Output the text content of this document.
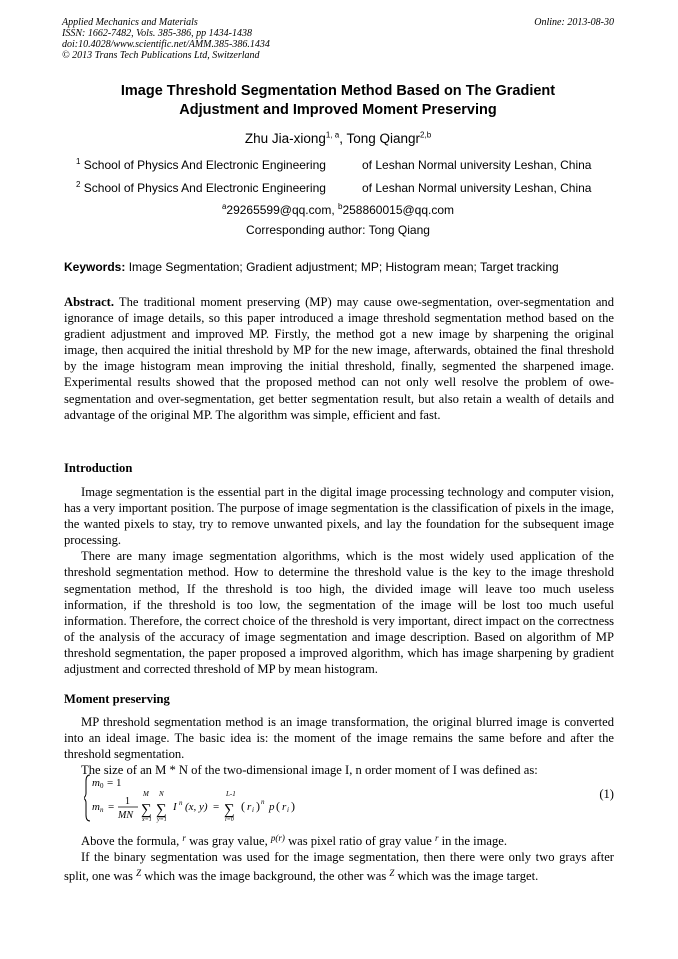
Applied Mechanics and Materials
ISSN: 1662-7482, Vols. 385-386, pp 1434-1438
doi:10.4028/www.scientific.net/AMM.385-386.1434
© 2013 Trans Tech Publications Ltd, Switzerland
Online: 2013-08-30
Image Threshold Segmentation Method Based on The Gradient
Adjustment and Improved Moment Preserving
Zhu Jia-xiong$^{1, a}$, Tong Qiangr$^{2,b}$
$^1$ School of Physics And Electronic Engineering	of Leshan Normal university Leshan, China
$^2$ School of Physics And Electronic Engineering	of Leshan Normal university Leshan, China
$^a$29265599@qq.com, $^b$258860015@qq.com
Corresponding author: Tong Qiang
Keywords: Image Segmentation; Gradient adjustment; MP; Histogram mean; Target tracking

Abstract. The traditional moment preserving (MP) may cause owe-segmentation, over-segmentation and ignorance of image details, so this paper introduced a image threshold segmentation method based on the gradient adjustment and improved MP. Firstly, the method got a new image by sharpening the original image, then acquired the initial threshold by MP for the new image, afterwards, obtained the final threshold by the image histogram mean improving the initial threshold, finally, segmented the sharpened image. Experimental results showed that the proposed method can not only well resolve the problem of owe-segmentation and over-segmentation, get better segmentation result, but also retain a wealth of details and advantage of the original MP. The algorithm was simple, efficient and fast.

Introduction

Image segmentation is the essential part in the digital image processing technology and computer vision, has a very important position. The purpose of image segmentation is the classification of pixels in the image, the wanted pixels to stay, try to remove unwanted pixels, and lay the foundation for the subsequent image processing.

There are many image segmentation algorithms, which is the most widely used application of the threshold segmentation method. How to determine the threshold value is the key to the image threshold segmentation method, If the threshold is too high, the divided image will leave too much useless information, if the threshold is too low, the segmentation of the image will be lost too much useful information. Therefore, the correct choice of the threshold is very important, direct impact on the correctness of the analysis of the accuracy of image segmentation and image description. Based on algorithm of MP threshold segmentation, the paper proposed a improved algorithm, which has image sharpening by gradient adjustment and corrected threshold of MP by mean histogram.

Moment preserving

MP threshold segmentation method is an image transformation, the original blurred image is converted into an ideal image. The basic idea is: the moment of the image remains the same before and after the threshold segmentation.

The size of an M * N of the two-dimensional image I, n order moment of I was defined as:

m 0 = 1
m n = 1
MN
M
∑
x=1
N
∑
y=1
I n (x, y) =
L-1
∑
i=0
( r i ) n p ( r i )
(1)

Above the formula, $^r$ was gray value, $^{p(r)}$ was pixel ratio of gray value $^r$ in the image.

If the binary segmentation was used for the image segmentation, then there were only two grays after split, one was $^Z$ which was the image background, the other was $^Z$ which was the image target.
